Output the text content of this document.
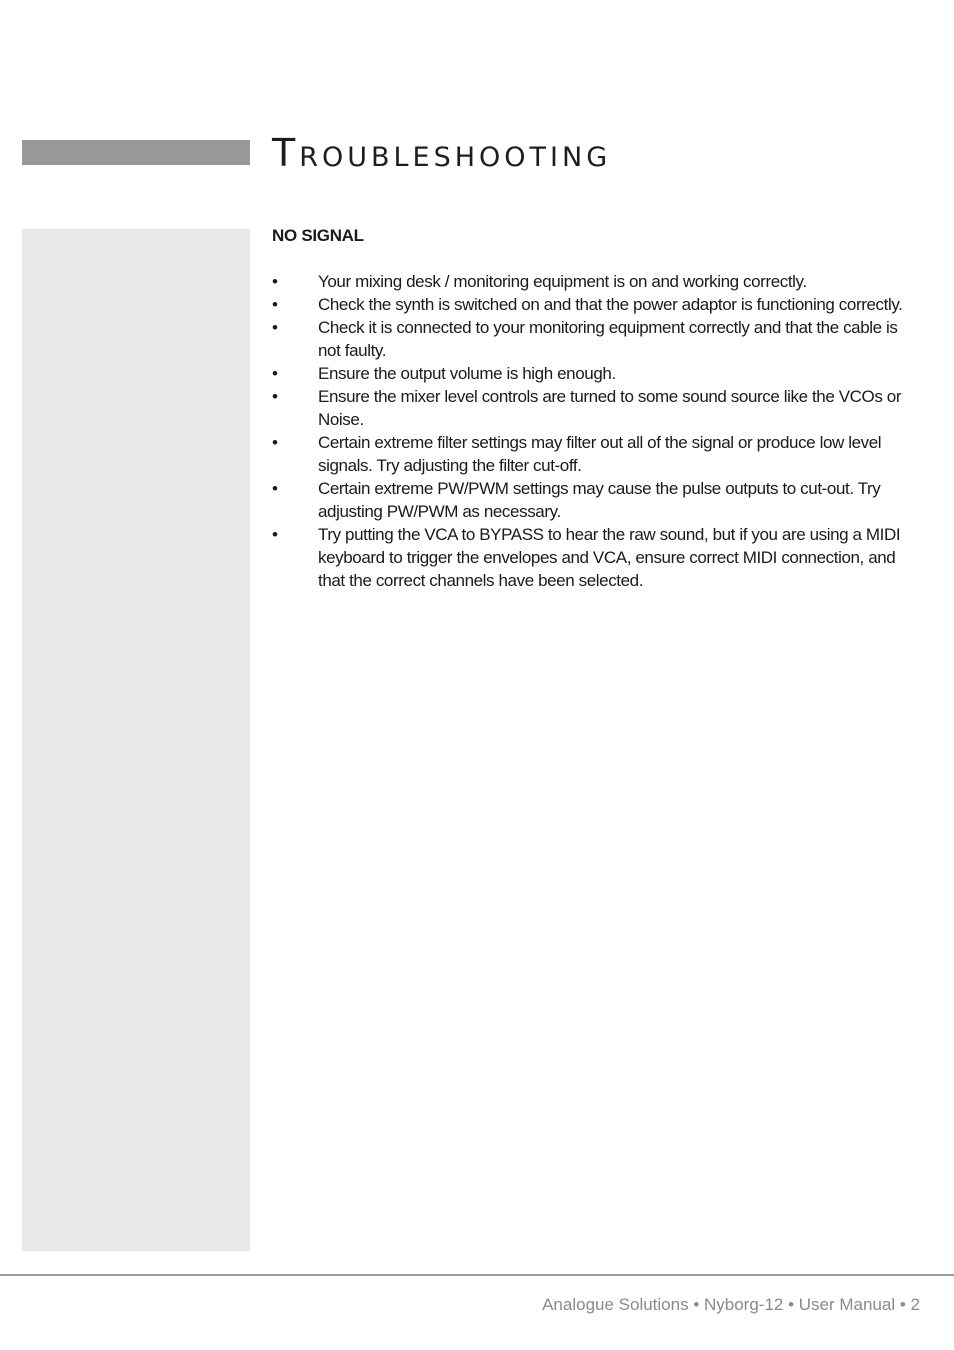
Troubleshooting
NO SIGNAL
• Your mixing desk / monitoring equipment is on and working correctly.
• Check the synth is switched on and that the power adaptor is functioning correctly.
• Check it is connected to your monitoring equipment correctly and that the cable is not faulty.
• Ensure the output volume is high enough.
• Ensure the mixer level controls are turned to some sound source like the VCOs or Noise.
• Certain extreme filter settings may filter out all of the signal or produce low level signals. Try adjusting the filter cut-off.
• Certain extreme PW/PWM settings may cause the pulse outputs to cut-out. Try adjusting PW/PWM as necessary.
• Try putting the VCA to BYPASS to hear the raw sound, but if you are using a MIDI keyboard to trigger the envelopes and VCA, ensure correct MIDI connection, and that the correct channels have been selected.
Analogue Solutions • Nyborg-12 • User Manual • 2
